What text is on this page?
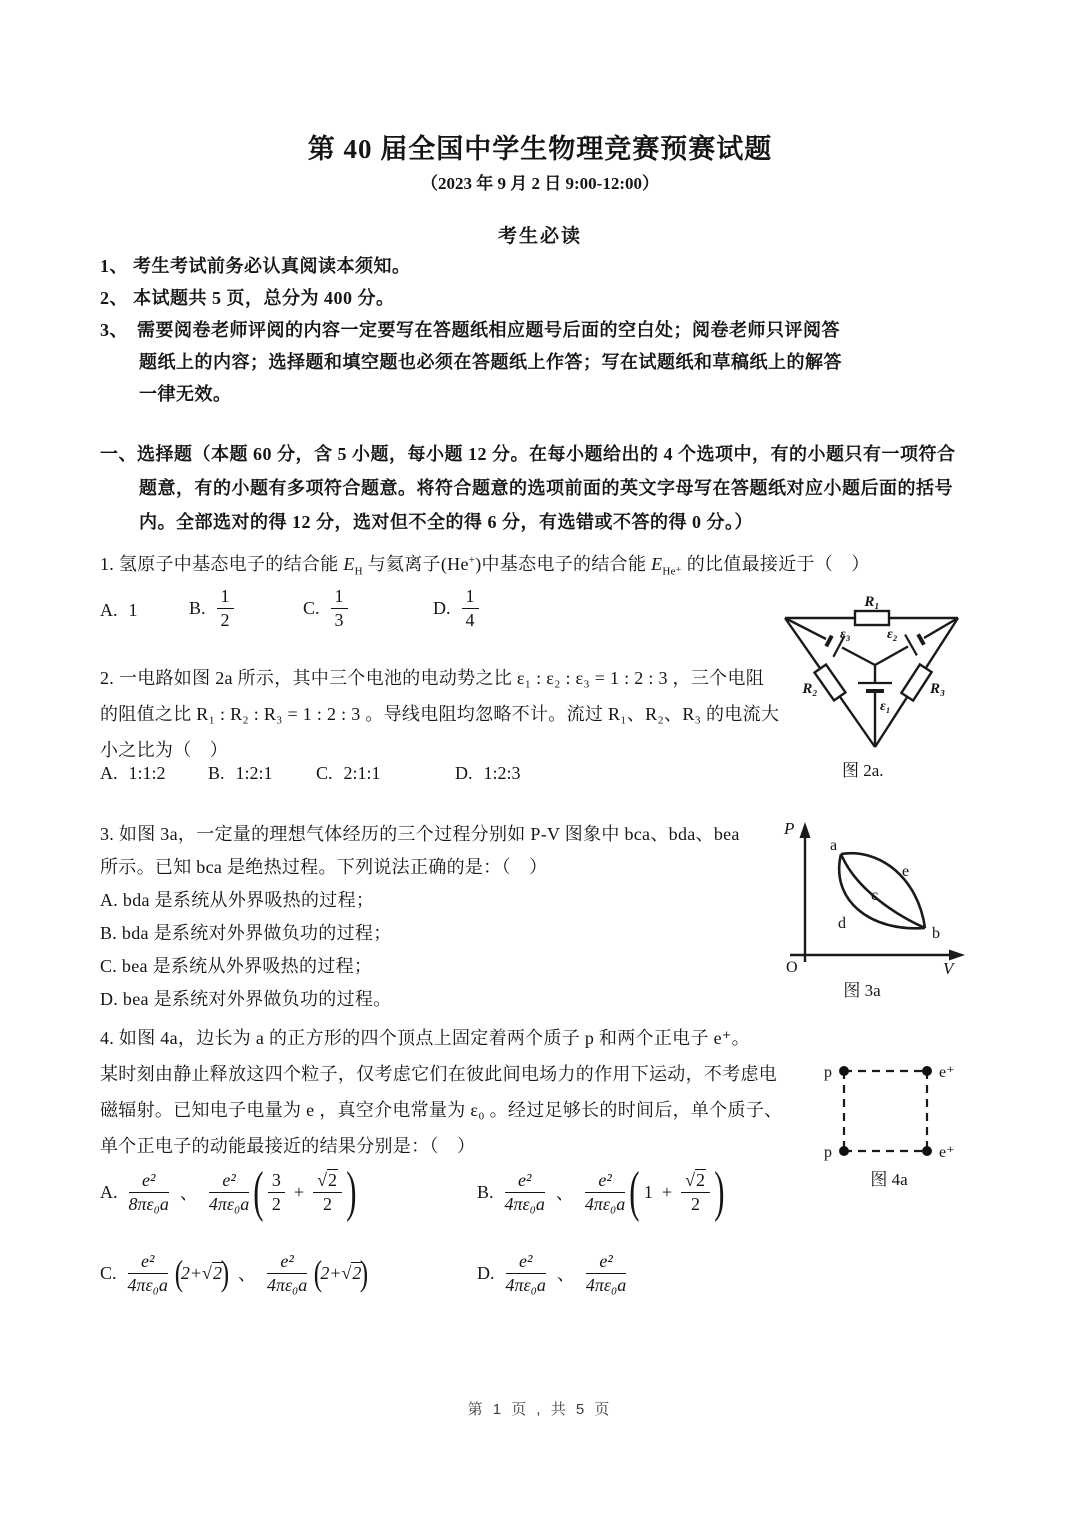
第 40 届全国中学生物理竞赛预赛试题
（2023 年 9 月 2 日 9:00-12:00）
考生必读
1、 考生考试前务必认真阅读本须知。
2、 本试题共 5 页，总分为 400 分。
3、 需要阅卷老师评阅的内容一定要写在答题纸相应题号后面的空白处；阅卷老师只评阅答
题纸上的内容；选择题和填空题也必须在答题纸上作答；写在试题纸和草稿纸上的解答
一律无效。
一、选择题（本题 60 分，含 5 小题，每小题 12 分。在每小题给出的 4 个选项中，有的小题只有一项符合
题意，有的小题有多项符合题意。将符合题意的选项前面的英文字母写在答题纸对应小题后面的括号
内。全部选对的得 12 分，选对但不全的得 6 分，有选错或不答的得 0 分。）
1. 氢原子中基态电子的结合能 $E_H$ 与氦离子(He+)中基态电子的结合能 $E_{He^+}$ 的比值最接近于（　）
A. 1	B. $\frac{1}{2}$	C. $\frac{1}{3}$	D. $\frac{1}{4}$
2. 一电路如图 2a 所示，其中三个电池的电动势之比 ε₁ : ε₂ : ε₃ = 1 : 2 : 3 ，三个电阻
的阻值之比 R₁ : R₂ : R₃ = 1 : 2 : 3 。导线电阻均忽略不计。流过 R₁、R₂、R₃ 的电流大
小之比为（　）
A. 1:1:2 B. 1:2:1 C. 2:1:1	D. 1:2:3
R₁
R₂	R₃
ε₃	ε₂
ε₁
图 2a.
3. 如图 3a，一定量的理想气体经历的三个过程分别如 P-V 图象中 bca、bda、bea
所示。已知 bca 是绝热过程。下列说法正确的是：（　）
A. bda 是系统从外界吸热的过程；
B. bda 是系统对外界做负功的过程；
C. bea 是系统从外界吸热的过程；
D. bea 是系统对外界做负功的过程。
P
V
O
a
b
c
d
e
图 3a
4. 如图 4a，边长为 a 的正方形的四个顶点上固定着两个质子 p 和两个正电子 e⁺。
某时刻由静止释放这四个粒子，仅考虑它们在彼此间电场力的作用下运动，不考虑电
磁辐射。已知电子电量为 e ，真空介电常量为 ε₀ 。经过足够长的时间后，单个质子、
单个正电子的动能最接近的结果分别是：（　）
p
p
e⁺
e⁺
图 4a
A. $\frac{\text{e²}}{\text{8πε₀a}}$ 、 $\frac{\text{e²}}{\text{4πε₀a}}$ ( $\frac{3}{2} + \frac{√2}{2}$ )	B. $\frac{\text{e²}}{\text{4πε₀a}}$ 、 $\frac{\text{e²}}{\text{4πε₀a}}$ ( $1 + \frac{√2}{2}$ )
C. $\frac{\text{e²}}{\text{4πε₀a}}$ (
2+ √ 2
) 、 $\frac{\text{e²}}{\text{4πε₀a}}$ (
2+ √ 2
)	D. $\frac{\text{e²}}{\text{4πε₀a}}$ 、 $\frac{\text{e²}}{\text{4πε₀a}}$
第 1 页 , 共 5 页
